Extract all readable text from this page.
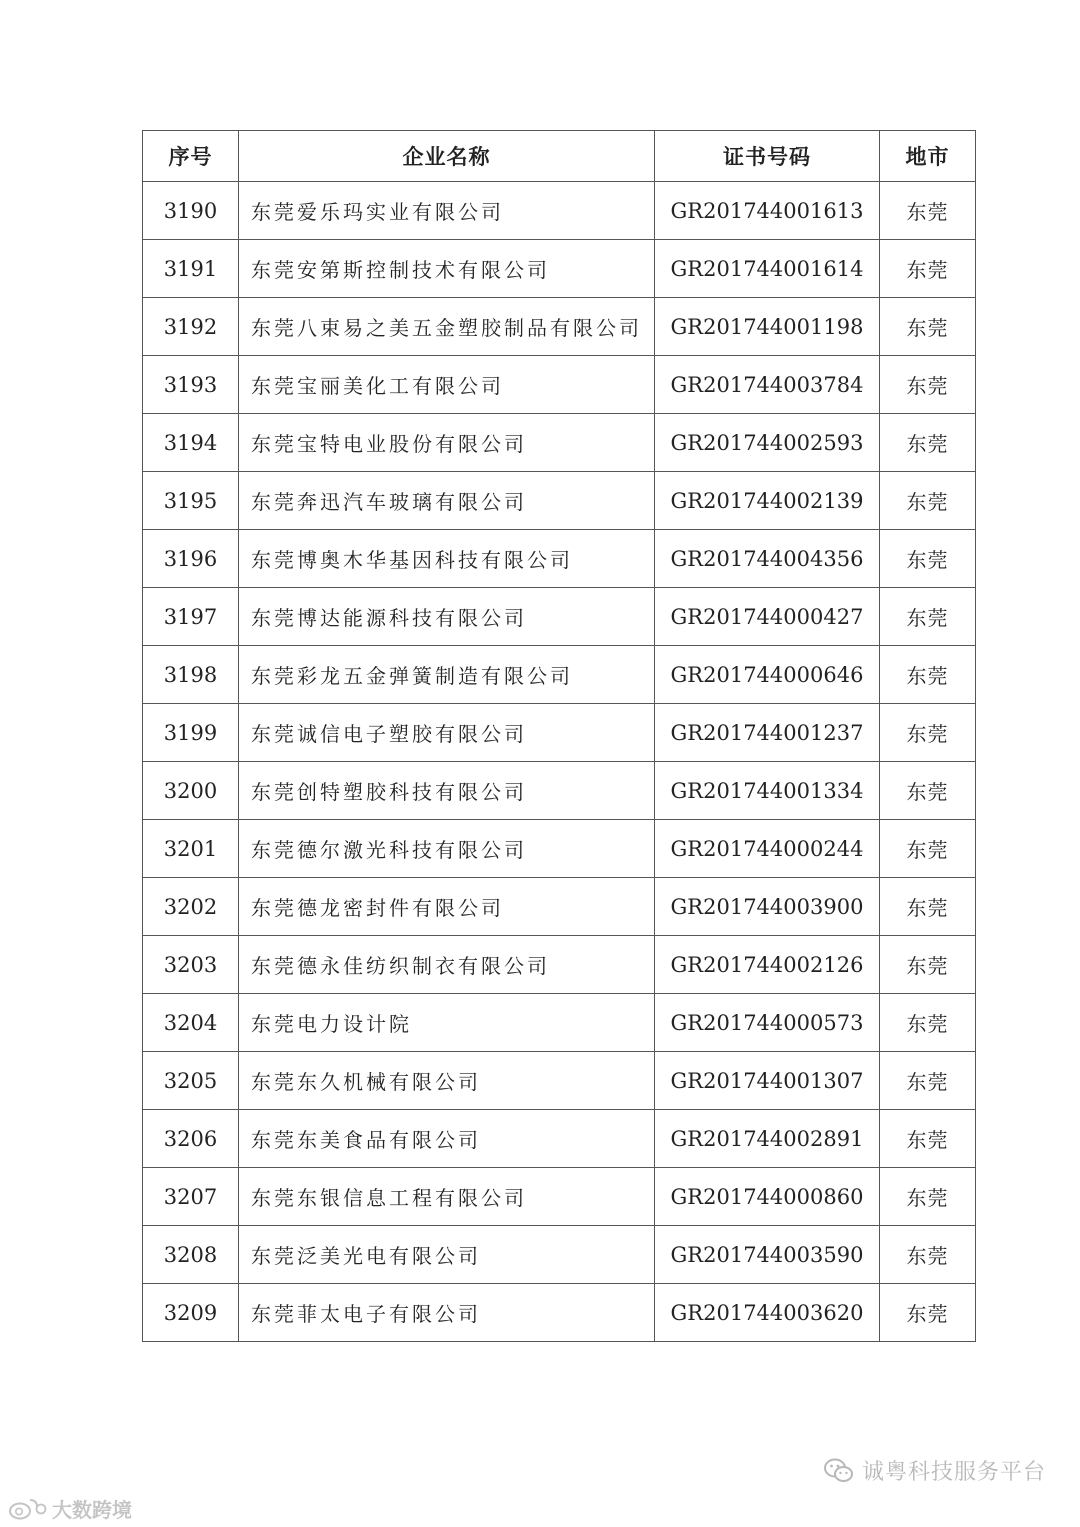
序号	企业名称	证书号码	地市
3190	东莞爱乐玛实业有限公司	GR201744001613	东莞
3191	东莞安第斯控制技术有限公司	GR201744001614	东莞
3192	东莞八束易之美五金塑胶制品有限公司	GR201744001198	东莞
3193	东莞宝丽美化工有限公司	GR201744003784	东莞
3194	东莞宝特电业股份有限公司	GR201744002593	东莞
3195	东莞奔迅汽车玻璃有限公司	GR201744002139	东莞
3196	东莞博奥木华基因科技有限公司	GR201744004356	东莞
3197	东莞博达能源科技有限公司	GR201744000427	东莞
3198	东莞彩龙五金弹簧制造有限公司	GR201744000646	东莞
3199	东莞诚信电子塑胶有限公司	GR201744001237	东莞
3200	东莞创特塑胶科技有限公司	GR201744001334	东莞
3201	东莞德尔激光科技有限公司	GR201744000244	东莞
3202	东莞德龙密封件有限公司	GR201744003900	东莞
3203	东莞德永佳纺织制衣有限公司	GR201744002126	东莞
3204	东莞电力设计院	GR201744000573	东莞
3205	东莞东久机械有限公司	GR201744001307	东莞
3206	东莞东美食品有限公司	GR201744002891	东莞
3207	东莞东银信息工程有限公司	GR201744000860	东莞
3208	东莞泛美光电有限公司	GR201744003590	东莞
3209	东莞菲太电子有限公司	GR201744003620	东莞
诚粤科技服务平台
大数跨境
